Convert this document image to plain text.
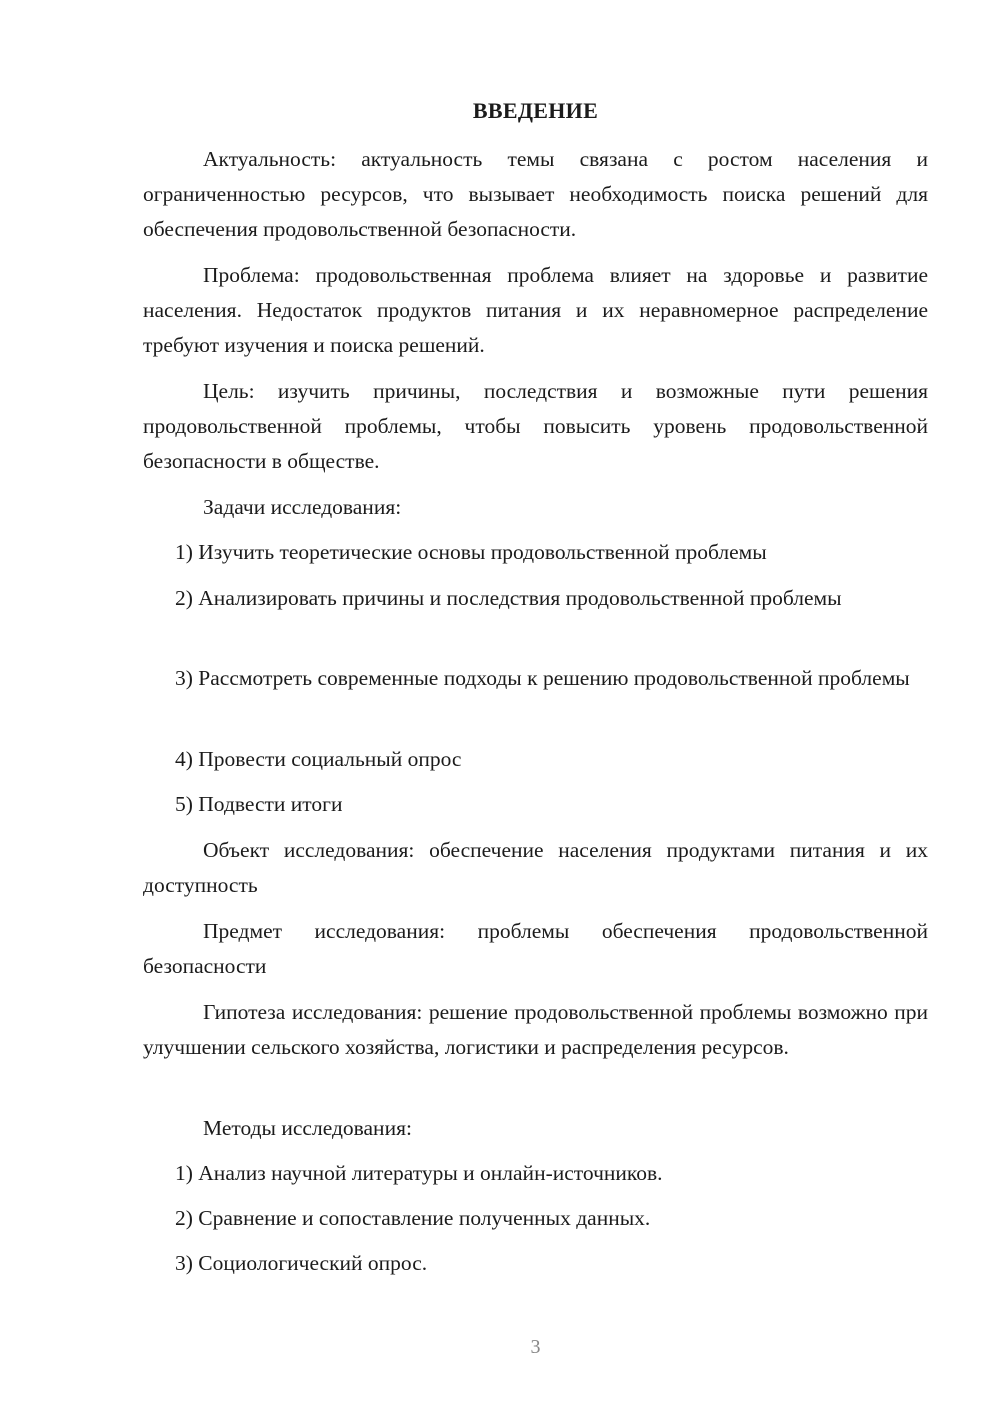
ВВЕДЕНИЕ

Актуальность: актуальность темы связана с ростом населения и ограниченностью ресурсов, что вызывает необходимость поиска решений для обеспечения продовольственной безопасности.

Проблема: продовольственная проблема влияет на здоровье и развитие населения. Недостаток продуктов питания и их неравномерное распределение требуют изучения и поиска решений.

Цель: изучить причины, последствия и возможные пути решения продовольственной проблемы, чтобы повысить уровень продовольственной безопасности в обществе.

Задачи исследования:

1) Изучить теоретические основы продовольственной проблемы

2) Анализировать причины и последствия продовольственной проблемы

3) Рассмотреть современные подходы к решению продовольственной проблемы

4) Провести социальный опрос

5) Подвести итоги

Объект исследования: обеспечение населения продуктами питания и их доступность

Предмет исследования: проблемы обеспечения продовольственной безопасности

Гипотеза исследования: решение продовольственной проблемы возможно при улучшении сельского хозяйства, логистики и распределения ресурсов.

Методы исследования:

1) Анализ научной литературы и онлайн-источников.

2) Сравнение и сопоставление полученных данных.

3) Социологический опрос.

3
